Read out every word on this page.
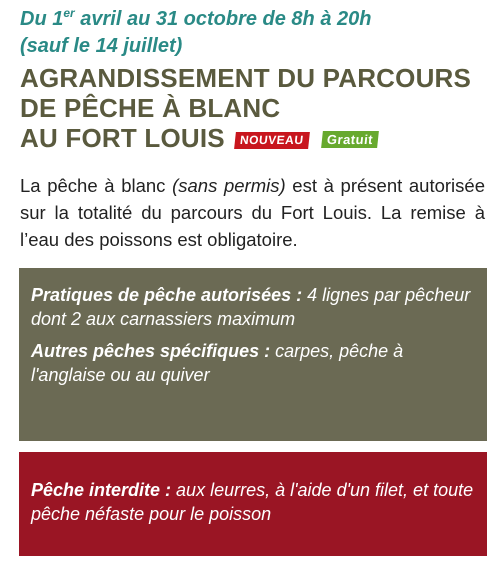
Du 1er avril au 31 octobre de 8h à 20h
(sauf le 14 juillet)
AGRANDISSEMENT DU PARCOURS
DE PÊCHE À BLANC
AU FORT LOUIS NOUVEAU Gratuit
La pêche à blanc (sans permis) est à présent autorisée sur la totalité du parcours du Fort Louis. La remise à l’eau des poissons est obligatoire.

Pratiques de pêche autorisées : 4 lignes par pêcheur dont 2 aux carnassiers maximum

Autres pêches spécifiques : carpes, pêche à l'anglaise ou au quiver

Pêche interdite : aux leurres, à l'aide d'un filet, et toute pêche néfaste pour le poisson
